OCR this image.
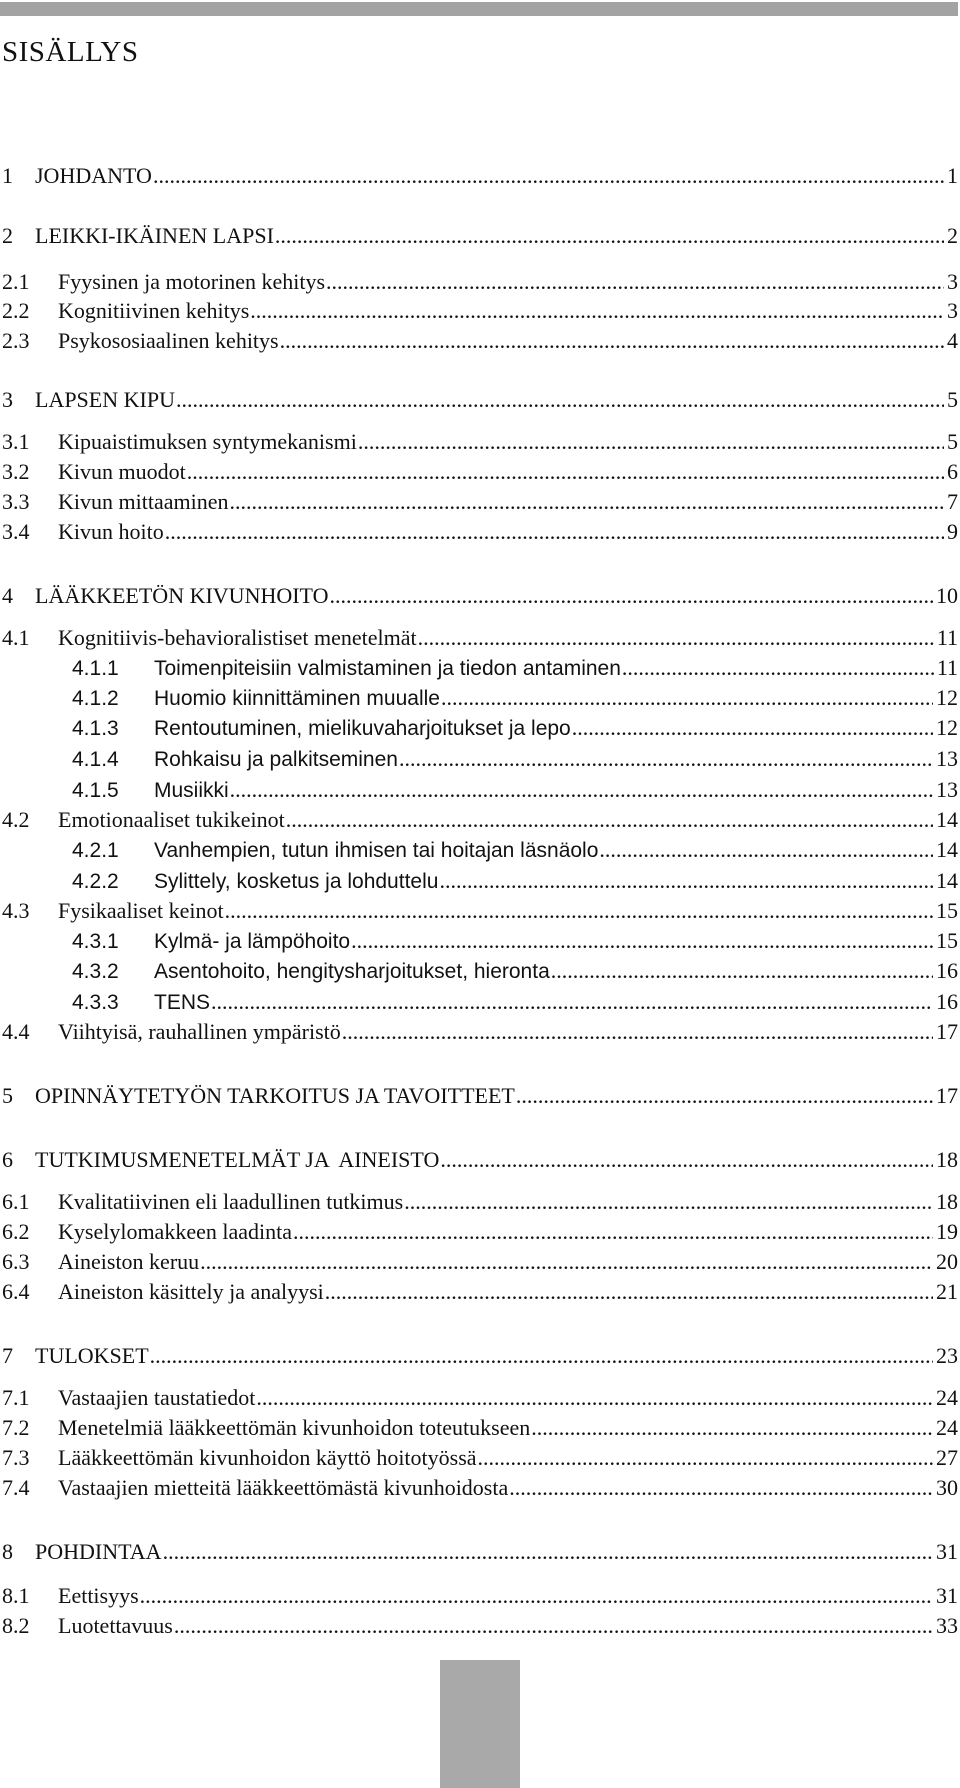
SISÄLLYS
1	JOHDANTO .....	1
2	LEIKKI-IKÄINEN LAPSI .....	2
2.1	Fyysinen ja motorinen kehitys .....	3
2.2	Kognitiivinen kehitys .....	3
2.3	Psykososiaalinen kehitys .....	4
3	LAPSEN KIPU .....	5
3.1	Kipuaistimuksen syntymekanismi .....	5
3.2	Kivun muodot .....	6
3.3	Kivun mittaaminen .....	7
3.4	Kivun hoito .....	9
4	LÄÄKKEETÖN KIVUNHOITO .....	10
4.1	Kognitiivis-behavioralistiset menetelmät .....	11
4.1.1	Toimenpiteisiin valmistaminen ja tiedon antaminen .....	11
4.1.2	Huomio kiinnittäminen muualle .....	12
4.1.3	Rentoutuminen, mielikuvaharjoitukset ja lepo .....	12
4.1.4	Rohkaisu ja palkitseminen .....	13
4.1.5	Musiikki .....	13
4.2	Emotionaaliset tukikeinot .....	14
4.2.1	Vanhempien, tutun ihmisen tai hoitajan läsnäolo .....	14
4.2.2	Sylittely, kosketus ja lohduttelu .....	14
4.3	Fysikaaliset keinot .....	15
4.3.1	Kylmä- ja lämpöhoito .....	15
4.3.2	Asentohoito, hengitysharjoitukset, hieronta .....	16
4.3.3	TENS .....	16
4.4	Viihtyisä, rauhallinen ympäristö .....	17
5	OPINNÄYTETYÖN TARKOITUS JA TAVOITTEET .....	17
6	TUTKIMUSMENETELMÄT JA  AINEISTO .....	18
6.1	Kvalitatiivinen eli laadullinen tutkimus .....	18
6.2	Kyselylomakkeen laadinta .....	19
6.3	Aineiston keruu .....	20
6.4	Aineiston käsittely ja analyysi .....	21
7	TULOKSET .....	23
7.1	Vastaajien taustatiedot .....	24
7.2	Menetelmiä lääkkeettömän kivunhoidon toteutukseen .....	24
7.3	Lääkkeettömän kivunhoidon käyttö hoitotyössä .....	27
7.4	Vastaajien mietteitä lääkkeettömästä kivunhoidosta .....	30
8	POHDINTAA .....	31
8.1	Eettisyys .....	31
8.2	Luotettavuus .....	33
